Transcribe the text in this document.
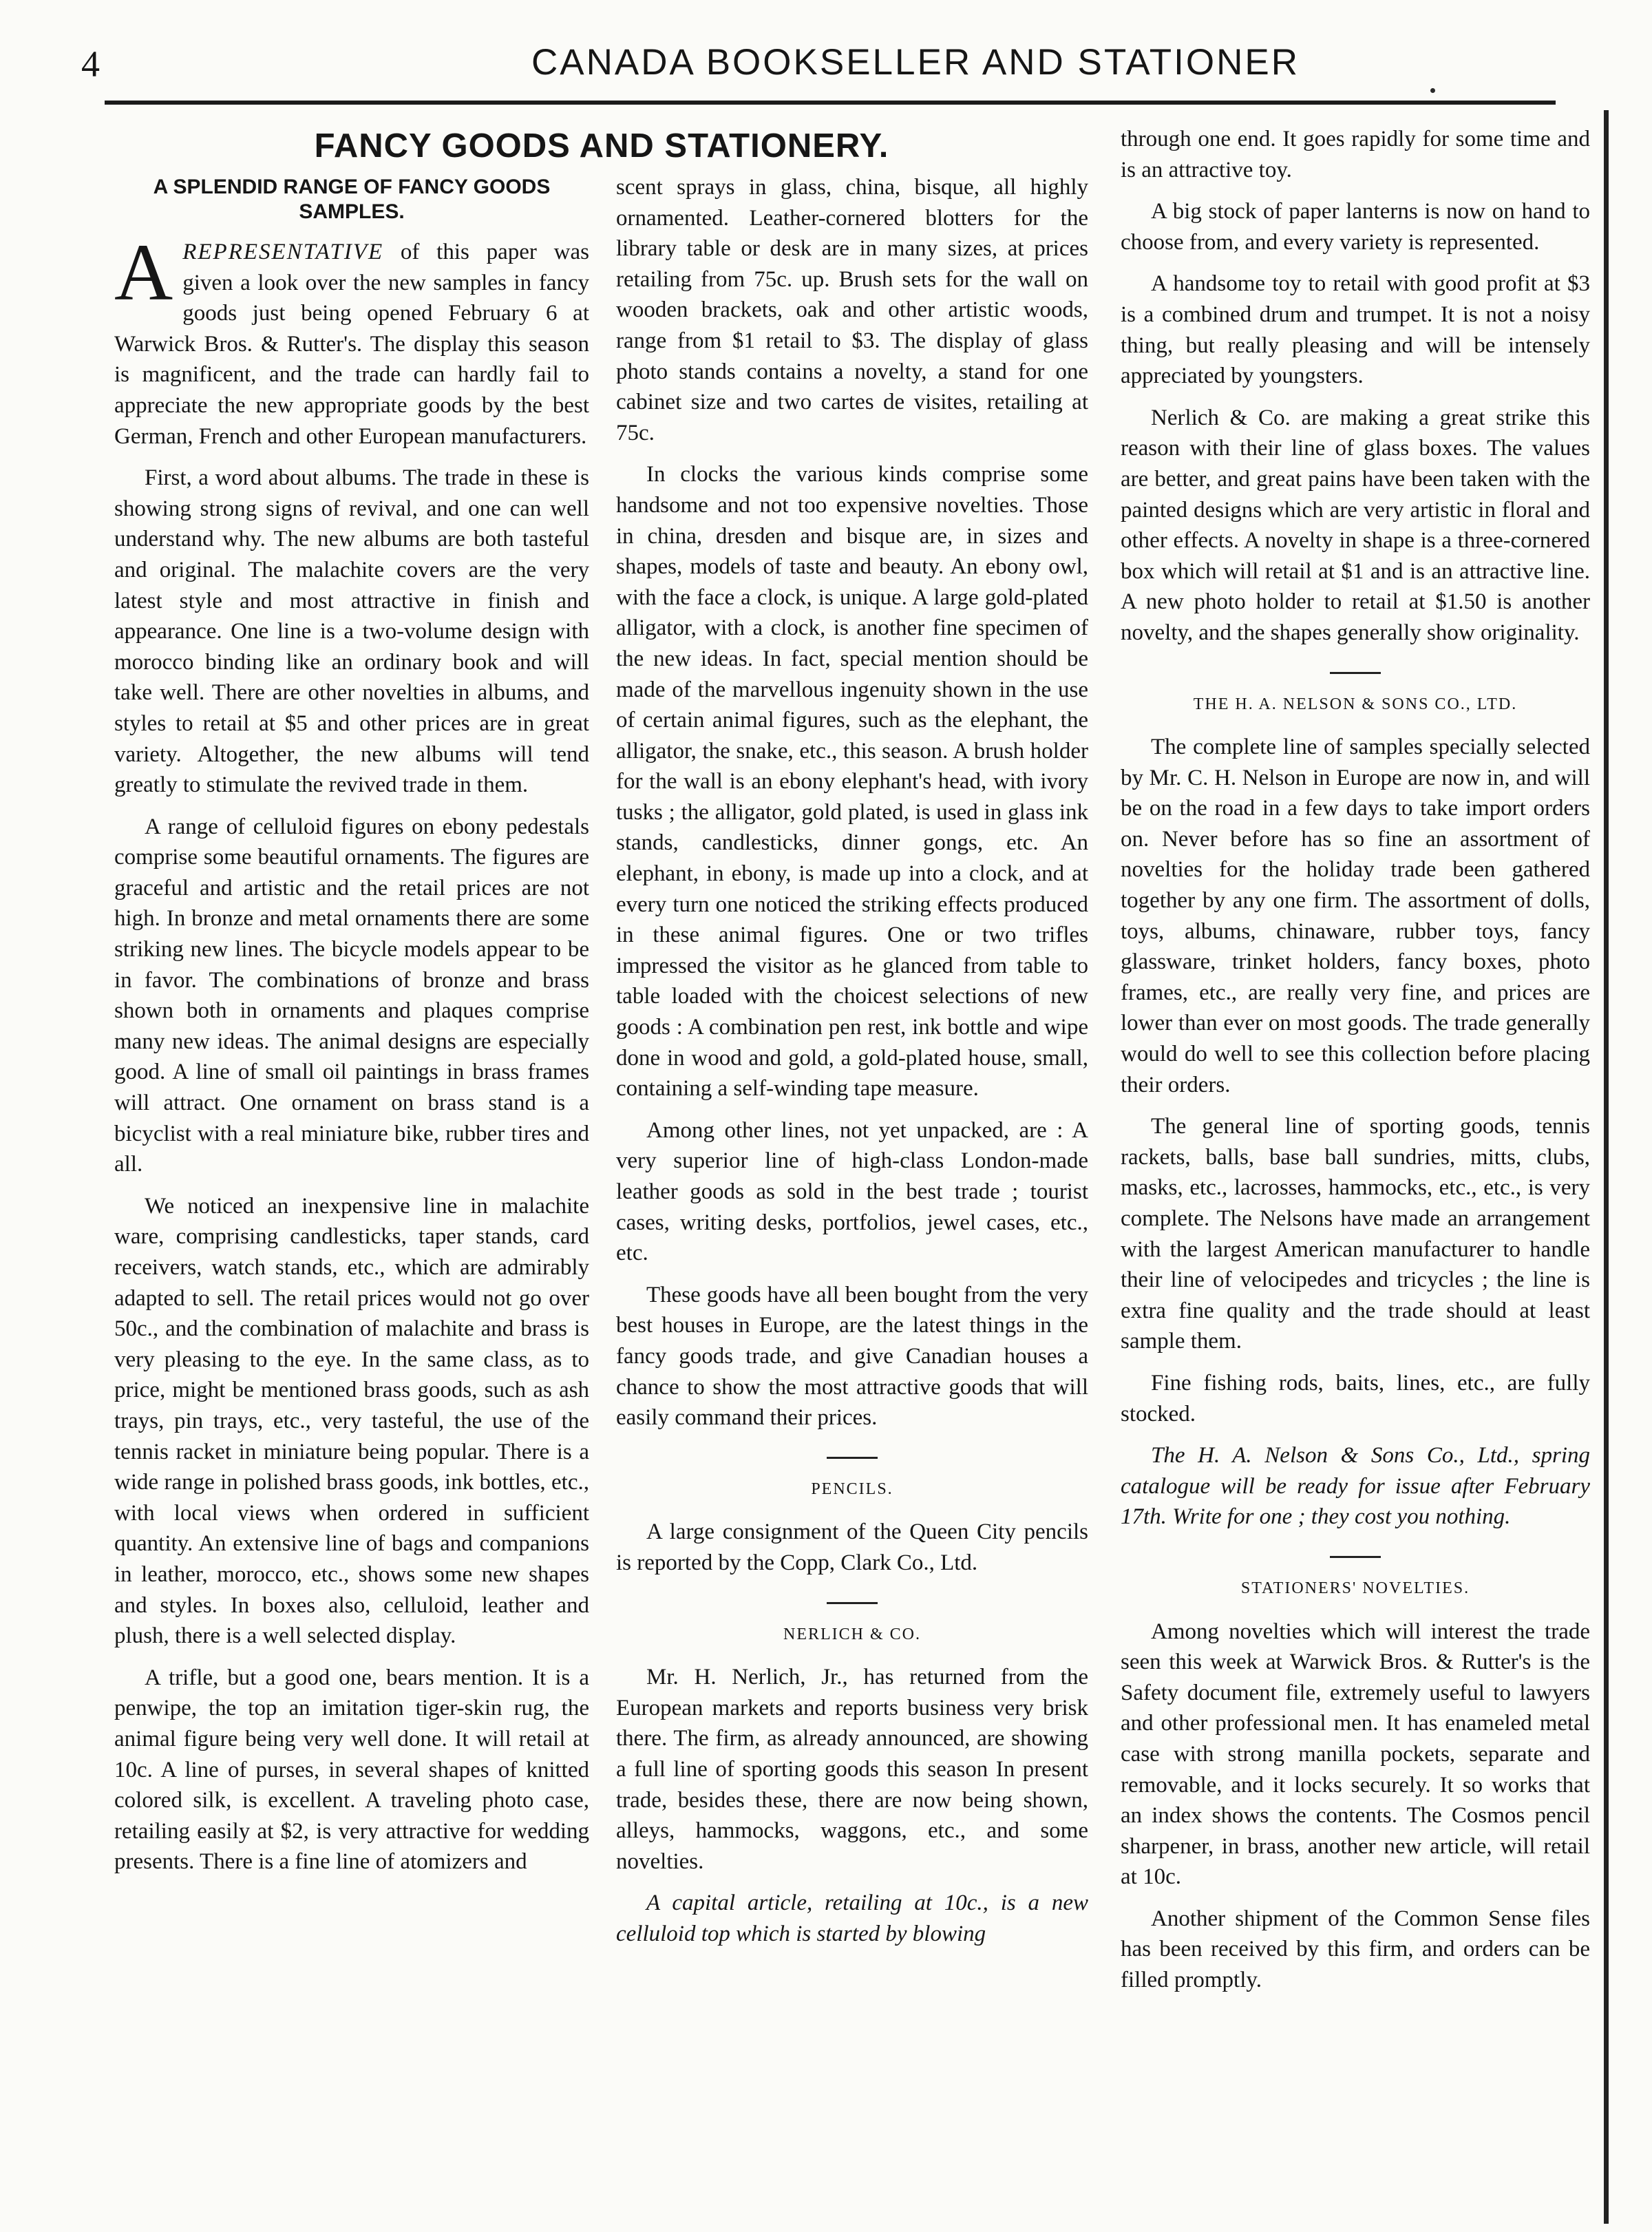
4	CANADA BOOKSELLER AND STATIONER
FANCY GOODS AND STATIONERY.
A SPLENDID RANGE OF FANCY GOODS SAMPLES.

AREPRESENTATIVE of this paper was given a look over the new samples in fancy goods just being opened February 6 at Warwick Bros. & Rutter's. The display this season is magnificent, and the trade can hardly fail to appreciate the new appropriate goods by the best German, French and other European manufacturers.

First, a word about albums. The trade in these is showing strong signs of revival, and one can well understand why. The new albums are both tasteful and original. The malachite covers are the very latest style and most attractive in finish and appearance. One line is a two-volume design with morocco binding like an ordinary book and will take well. There are other novelties in albums, and styles to retail at $5 and other prices are in great variety. Altogether, the new albums will tend greatly to stimulate the revived trade in them.

A range of celluloid figures on ebony pedestals comprise some beautiful ornaments. The figures are graceful and artistic and the retail prices are not high. In bronze and metal ornaments there are some striking new lines. The bicycle models appear to be in favor. The combinations of bronze and brass shown both in ornaments and plaques comprise many new ideas. The animal designs are especially good. A line of small oil paintings in brass frames will attract. One ornament on brass stand is a bicyclist with a real miniature bike, rubber tires and all.

We noticed an inexpensive line in malachite ware, comprising candlesticks, taper stands, card receivers, watch stands, etc., which are admirably adapted to sell. The retail prices would not go over 50c., and the combination of malachite and brass is very pleasing to the eye. In the same class, as to price, might be mentioned brass goods, such as ash trays, pin trays, etc., very tasteful, the use of the tennis racket in miniature being popular. There is a wide range in polished brass goods, ink bottles, etc., with local views when ordered in sufficient quantity. An extensive line of bags and companions in leather, morocco, etc., shows some new shapes and styles. In boxes also, celluloid, leather and plush, there is a well selected display.

A trifle, but a good one, bears mention. It is a penwipe, the top an imitation tiger-skin rug, the animal figure being very well done. It will retail at 10c. A line of purses, in several shapes of knitted colored silk, is excellent. A traveling photo case, retailing easily at $2, is very attractive for wedding presents. There is a fine line of atomizers and

scent sprays in glass, china, bisque, all highly ornamented. Leather-cornered blotters for the library table or desk are in many sizes, at prices retailing from 75c. up. Brush sets for the wall on wooden brackets, oak and other artistic woods, range from $1 retail to $3. The display of glass photo stands contains a novelty, a stand for one cabinet size and two cartes de visites, retailing at 75c.

In clocks the various kinds comprise some handsome and not too expensive novelties. Those in china, dresden and bisque are, in sizes and shapes, models of taste and beauty. An ebony owl, with the face a clock, is unique. A large gold-plated alligator, with a clock, is another fine specimen of the new ideas. In fact, special mention should be made of the marvellous ingenuity shown in the use of certain animal figures, such as the elephant, the alligator, the snake, etc., this season. A brush holder for the wall is an ebony elephant's head, with ivory tusks ; the alligator, gold plated, is used in glass ink stands, candlesticks, dinner gongs, etc. An elephant, in ebony, is made up into a clock, and at every turn one noticed the striking effects produced in these animal figures. One or two trifles impressed the visitor as he glanced from table to table loaded with the choicest selections of new goods : A combination pen rest, ink bottle and wipe done in wood and gold, a gold-plated house, small, containing a self-winding tape measure.

Among other lines, not yet unpacked, are : A very superior line of high-class London-made leather goods as sold in the best trade ; tourist cases, writing desks, portfolios, jewel cases, etc., etc.

These goods have all been bought from the very best houses in Europe, are the latest things in the fancy goods trade, and give Canadian houses a chance to show the most attractive goods that will easily command their prices.

PENCILS.

A large consignment of the Queen City pencils is reported by the Copp, Clark Co., Ltd.

NERLICH & CO.

Mr. H. Nerlich, Jr., has returned from the European markets and reports business very brisk there. The firm, as already announced, are showing a full line of sporting goods this season In present trade, besides these, there are now being shown, alleys, hammocks, waggons, etc., and some novelties.

A capital article, retailing at 10c., is a new celluloid top which is started by blowing

through one end. It goes rapidly for some time and is an attractive toy.

A big stock of paper lanterns is now on hand to choose from, and every variety is represented.

A handsome toy to retail with good profit at $3 is a combined drum and trumpet. It is not a noisy thing, but really pleasing and will be intensely appreciated by youngsters.

Nerlich & Co. are making a great strike this reason with their line of glass boxes. The values are better, and great pains have been taken with the painted designs which are very artistic in floral and other effects. A novelty in shape is a three-cornered box which will retail at $1 and is an attractive line. A new photo holder to retail at $1.50 is another novelty, and the shapes generally show originality.

THE H. A. NELSON & SONS CO., LTD.

The complete line of samples specially selected by Mr. C. H. Nelson in Europe are now in, and will be on the road in a few days to take import orders on. Never before has so fine an assortment of novelties for the holiday trade been gathered together by any one firm. The assortment of dolls, toys, albums, chinaware, rubber toys, fancy glassware, trinket holders, fancy boxes, photo frames, etc., are really very fine, and prices are lower than ever on most goods. The trade generally would do well to see this collection before placing their orders.

The general line of sporting goods, tennis rackets, balls, base ball sundries, mitts, clubs, masks, etc., lacrosses, hammocks, etc., etc., is very complete. The Nelsons have made an arrangement with the largest American manufacturer to handle their line of velocipedes and tricycles ; the line is extra fine quality and the trade should at least sample them.

Fine fishing rods, baits, lines, etc., are fully stocked.

The H. A. Nelson & Sons Co., Ltd., spring catalogue will be ready for issue after February 17th. Write for one ; they cost you nothing.

STATIONERS' NOVELTIES.

Among novelties which will interest the trade seen this week at Warwick Bros. & Rutter's is the Safety document file, extremely useful to lawyers and other professional men. It has enameled metal case with strong manilla pockets, separate and removable, and it locks securely. It so works that an index shows the contents. The Cosmos pencil sharpener, in brass, another new article, will retail at 10c.

Another shipment of the Common Sense files has been received by this firm, and orders can be filled promptly.
